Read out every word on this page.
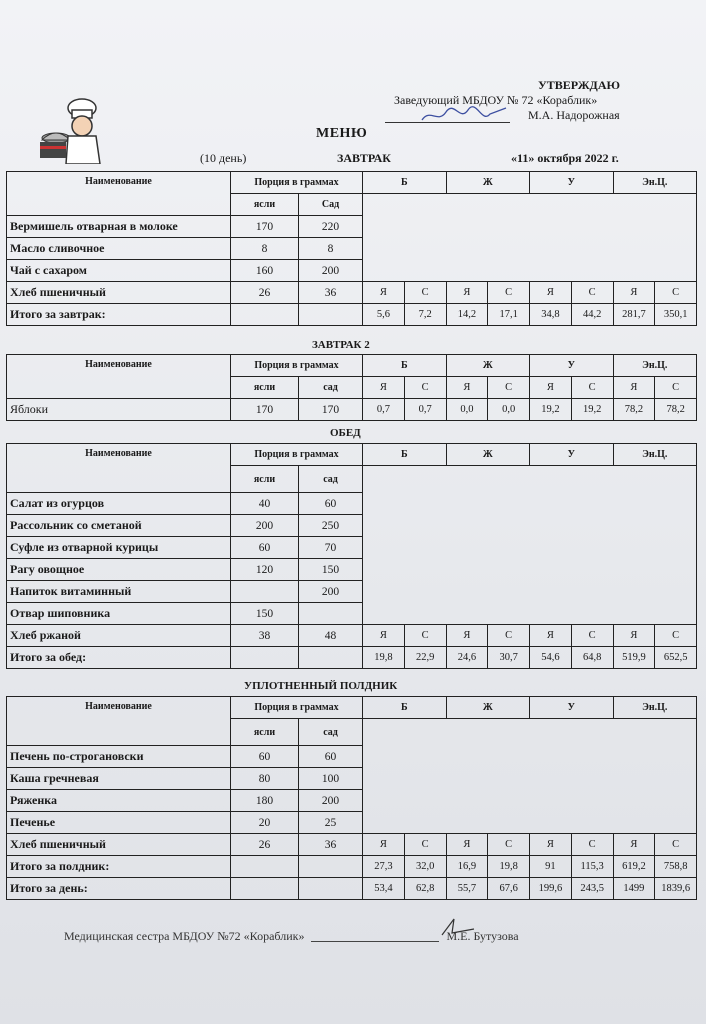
УТВЕРЖДАЮ
Заведующий МБДОУ № 72 «Кораблик»
М.А. Надорожная
МЕНЮ
(10 день)	ЗАВТРАК	«11» октября 2022 г.
Наименование	Порция в граммах		Б		Ж		У		Эн.Ц.	
	ясли	Сад								
Вермишель отварная в молоке	170	220								
Масло сливочное	8	8								
Чай с сахаром	160	200								
Хлеб пшеничный	26	36	Я	С	Я	С	Я	С	Я	С
Итого за завтрак:			5,6	7,2	14,2	17,1	34,8	44,2	281,7	350,1
ЗАВТРАК 2
Наименование	Порция в граммах		Б		Ж		У		Эн.Ц.	
	ясли	сад	Я	С	Я	С	Я	С	Я	С
Яблоки	170	170	0,7	0,7	0,0	0,0	19,2	19,2	78,2	78,2
ОБЕД
Наименование	Порция в граммах		Б		Ж		У		Эн.Ц.	
	ясли	сад								
Салат из огурцов	40	60								
Рассольник со сметаной	200	250								
Суфле из отварной курицы	60	70								
Рагу овощное	120	150								
Напиток витаминный		200								
Отвар шиповника	150									
Хлеб ржаной	38	48	Я	С	Я	С	Я	С	Я	С
Итого за обед:			19,8	22,9	24,6	30,7	54,6	64,8	519,9	652,5
УПЛОТНЕННЫЙ ПОЛДНИК
Наименование	Порция в граммах		Б		Ж		У		Эн.Ц.	
	ясли	сад								
Печень по-строгановски	60	60								
Каша гречневая	80	100								
Ряженка	180	200								
Печенье	20	25								
Хлеб пшеничный	26	36	Я	С	Я	С	Я	С	Я	С
Итого за полдник:			27,3	32,0	16,9	19,8	91	115,3	619,2	758,8
Итого за день:			53,4	62,8	55,7	67,6	199,6	243,5	1499	1839,6
Медицинская сестра МБДОУ №72 «Кораблик»	М.Е. Бутузова
